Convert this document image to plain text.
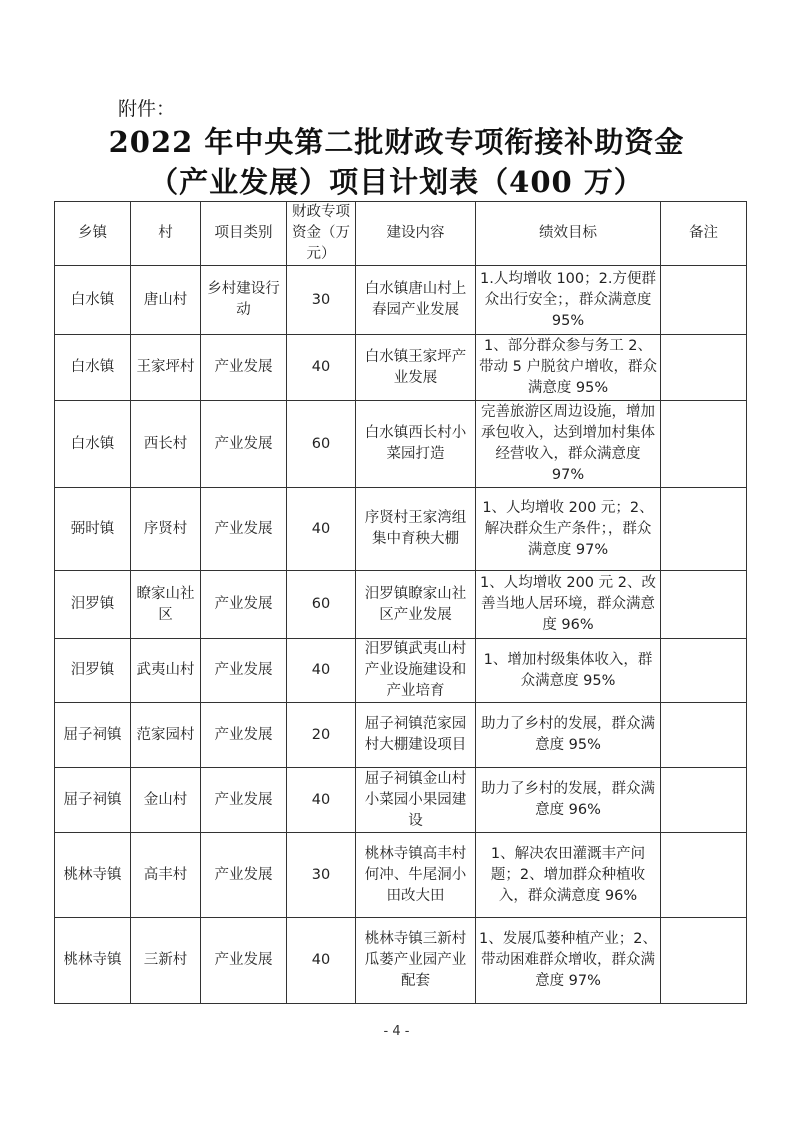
附件：
2022 年中央第二批财政专项衔接补助资金
（产业发展）项目计划表（400 万）
乡镇	村	项目类别	财政专项资金（万元）	建设内容	绩效目标	备注
白水镇	唐山村	乡村建设行动	30	白水镇唐山村上春园产业发展	1.人均增收 100；2.方便群众出行安全；，群众满意度 95%	
白水镇	王家坪村	产业发展	40	白水镇王家坪产业发展	1、部分群众参与务工 2、带动 5 户脱贫户增收，群众满意度 95%	
白水镇	西长村	产业发展	60	白水镇西长村小菜园打造	完善旅游区周边设施，增加承包收入，达到增加村集体经营收入，群众满意度 97%	
弼时镇	序贤村	产业发展	40	序贤村王家湾组集中育秧大棚	1、人均增收 200 元；2、解决群众生产条件；，群众满意度 97%	
汨罗镇	瞭家山社区	产业发展	60	汨罗镇瞭家山社区产业发展	1、人均增收 200 元 2、改善当地人居环境，群众满意度 96%	
汨罗镇	武夷山村	产业发展	40	汨罗镇武夷山村产业设施建设和产业培育	1、增加村级集体收入，群众满意度 95%	
屈子祠镇	范家园村	产业发展	20	屈子祠镇范家园村大棚建设项目	助力了乡村的发展，群众满意度 95%	
屈子祠镇	金山村	产业发展	40	屈子祠镇金山村小菜园小果园建设	助力了乡村的发展，群众满意度 96%	
桃林寺镇	高丰村	产业发展	30	桃林寺镇高丰村何冲、牛尾洞小田改大田	1、解决农田灌溉丰产问题；2、增加群众种植收入，群众满意度 96%	
桃林寺镇	三新村	产业发展	40	桃林寺镇三新村瓜蒌产业园产业配套	1、发展瓜蒌种植产业；2、带动困难群众增收，群众满意度 97%	
- 4 -
